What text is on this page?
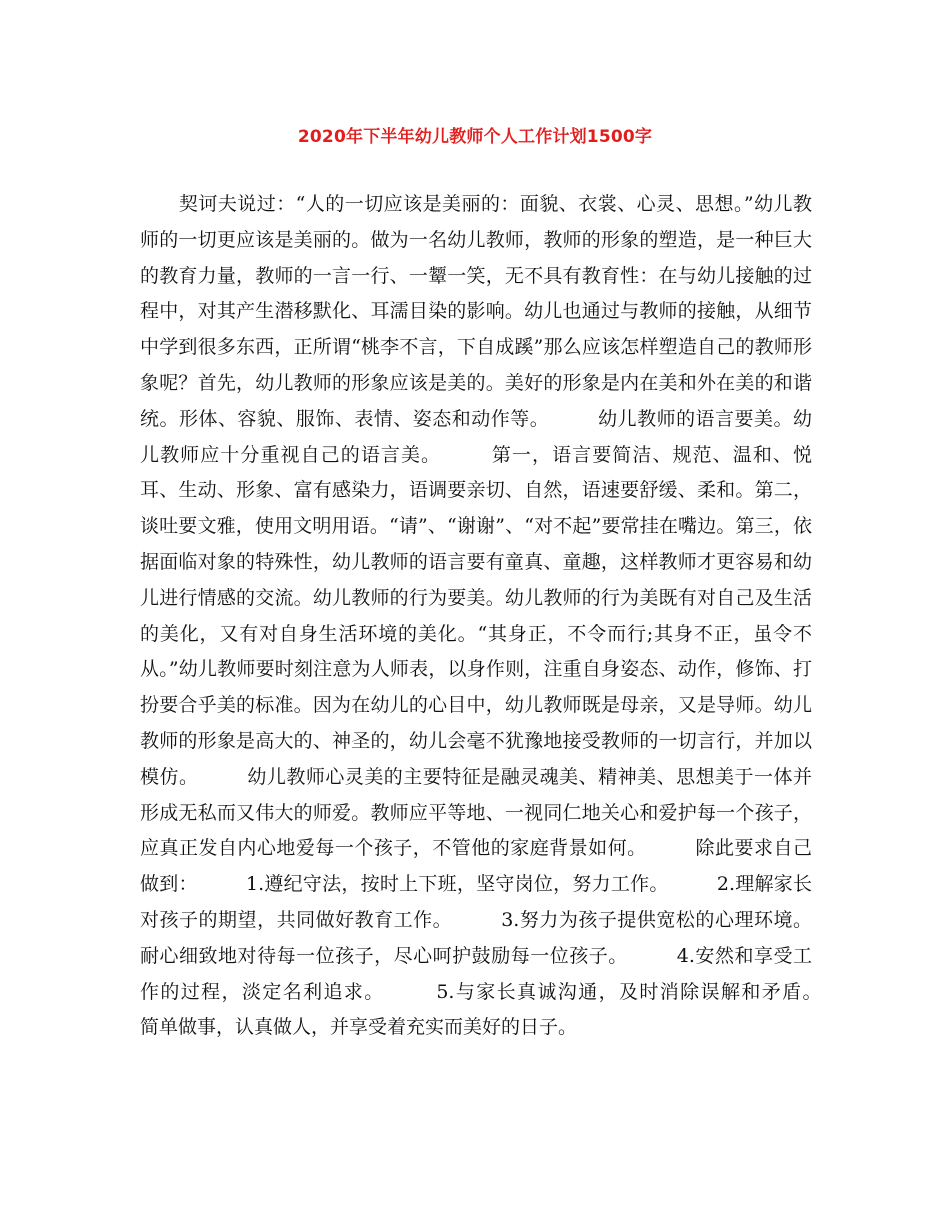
2020年下半年幼儿教师个人工作计划1500字

　　契诃夫说过：“人的一切应该是美丽的：面貌、衣裳、心灵、思想。”幼儿教师的一切更应该是美丽的。做为一名幼儿教师，教师的形象的塑造，是一种巨大的教育力量，教师的一言一行、一颦一笑，无不具有教育性：在与幼儿接触的过程中，对其产生潜移默化、耳濡目染的影响。幼儿也通过与教师的接触，从细节中学到很多东西，正所谓“桃李不言，下自成蹊”那么应该怎样塑造自己的教师形象呢？首先，幼儿教师的形象应该是美的。美好的形象是内在美和外在美的和谐统。形体、容貌、服饰、表情、姿态和动作等。　　　幼儿教师的语言要美。幼儿教师应十分重视自己的语言美。　　　第一，语言要简洁、规范、温和、悦耳、生动、形象、富有感染力，语调要亲切、自然，语速要舒缓、柔和。第二，谈吐要文雅，使用文明用语。“请”、“谢谢”、“对不起”要常挂在嘴边。第三，依据面临对象的特殊性，幼儿教师的语言要有童真、童趣，这样教师才更容易和幼儿进行情感的交流。幼儿教师的行为要美。幼儿教师的行为美既有对自己及生活的美化，又有对自身生活环境的美化。“其身正，不令而行;其身不正，虽令不从。”幼儿教师要时刻注意为人师表，以身作则，注重自身姿态、动作，修饰、打扮要合乎美的标准。因为在幼儿的心目中，幼儿教师既是母亲，又是导师。幼儿教师的形象是高大的、神圣的，幼儿会毫不犹豫地接受教师的一切言行，并加以模仿。　　　幼儿教师心灵美的主要特征是融灵魂美、精神美、思想美于一体并形成无私而又伟大的师爱。教师应平等地、一视同仁地关心和爱护每一个孩子，应真正发自内心地爱每一个孩子，不管他的家庭背景如何。　　　除此要求自己做到：　　　1.遵纪守法，按时上下班，坚守岗位，努力工作。　　　2.理解家长对孩子的期望，共同做好教育工作。　　　3.努力为孩子提供宽松的心理环境。耐心细致地对待每一位孩子，尽心呵护鼓励每一位孩子。　　　4.安然和享受工作的过程，淡定名利追求。　　　5.与家长真诚沟通，及时消除误解和矛盾。　　　简单做事，认真做人，并享受着充实而美好的日子。
